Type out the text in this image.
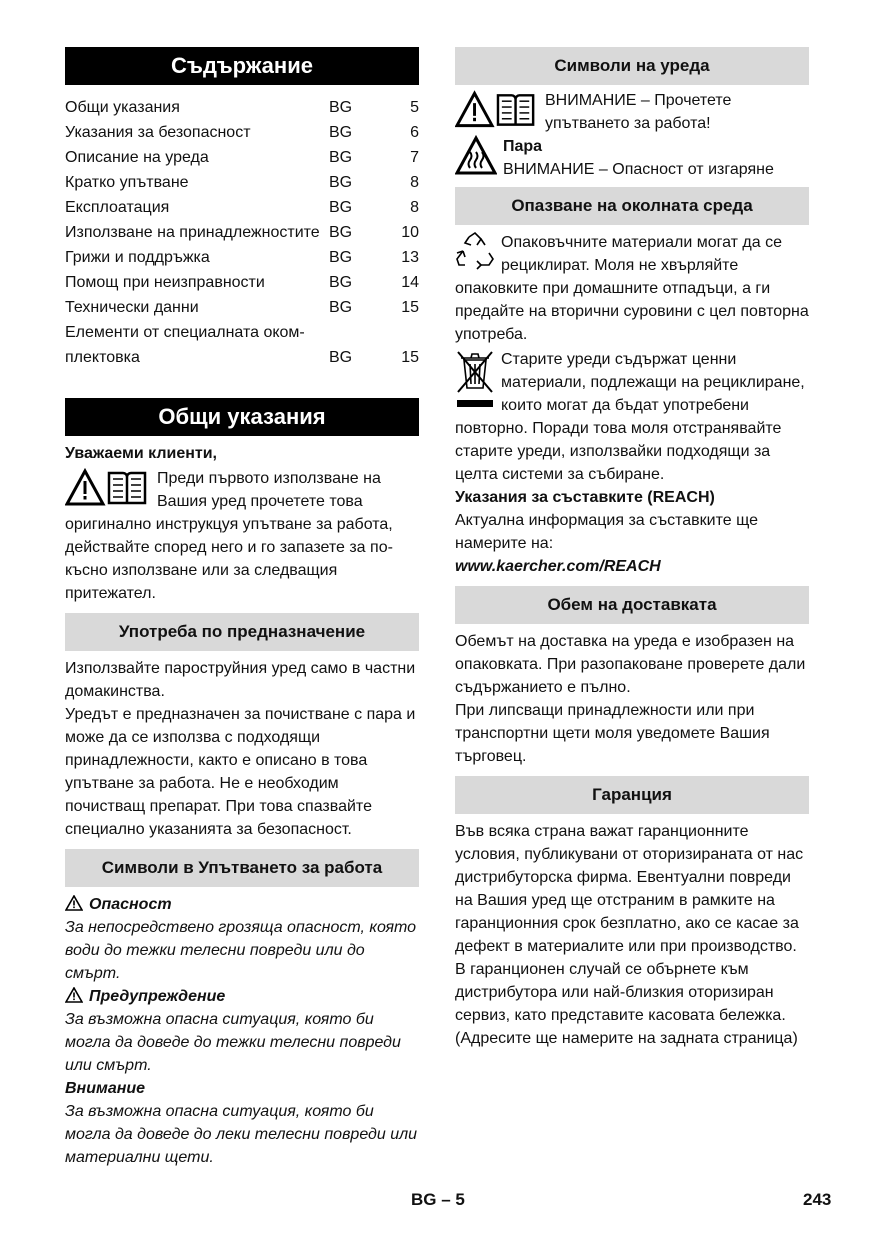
Съдържание
Общи указания	BG	5
Указания за безопасност	BG	6
Описание на уреда	BG	7
Кратко упътване	BG	8
Експлоатация	BG	8
Използване на принадлежностите BG	10
Грижи и поддръжка	BG	13
Помощ при неизправности	BG	14
Технически данни	BG	15
Елементи от специалната оком-
плектовка	BG	15
Общи указания

Уважаеми клиенти,

Преди първото използване на Вашия уред прочетете това оригинално инструкцуя упътване за работа, действайте според него и го запазете за по-късно използване или за следващия притежател.

Употреба по предназначение

Използвайте пароструйния уред само в частни домакинства.

Уредът е предназначен за почистване с пара и може да се използва с подходящи принадлежности, както е описано в това упътване за работа. Не е необходим почистващ препарат. При това спазвайте специално указанията за безопасност.

Символи в Упътването за работа

Опасност

За непосредствено грозяща опасност, която води до тежки телесни повреди или до смърт.

Предупреждение

За възможна опасна ситуация, която би могла да доведе до тежки телесни повреди или смърт.

Внимание

За възможна опасна ситуация, която би могла да доведе до леки телесни повреди или материални щети.

Символи на уреда

ВНИМАНИЕ – Прочетете упътването за работа!

Пара

ВНИМАНИЕ – Опасност от изгаряне

Опазване на околната среда

Опаковъчните материали могат да се рециклират. Моля не хвърляйте опаковките при домашните отпадъци, а ги предайте на вторични суровини с цел повторна употреба.

Старите уреди съдържат ценни материали, подлежащи на рециклиране, които могат да бъдат употребени повторно. Поради това моля отстранявайте старите уреди, използвайки подходящи за целта системи за събиране.

Указания за съставките (REACH)

Актуална информация за съставките ще намерите на:

www.kaercher.com/REACH

Обем на доставката

Обемът на доставка на уреда е изобразен на опаковката. При разопаковане проверете дали съдържанието е пълно.

При липсващи принадлежности или при транспортни щети моля уведомете Вашия търговец.

Гаранция

Във всяка страна важат гаранционните условия, публикувани от оторизираната от нас дистрибуторска фирма. Евентуални повреди на Вашия уред ще отстраним в рамките на гаранционния срок безплатно, ако се касае за дефект в материалите или при производство. В гаранционен случай се обърнете към дистрибутора или най-близкия оторизиран сервиз, като представите касовата бележка. (Адресите ще намерите на задната страница)

BG – 5	243
